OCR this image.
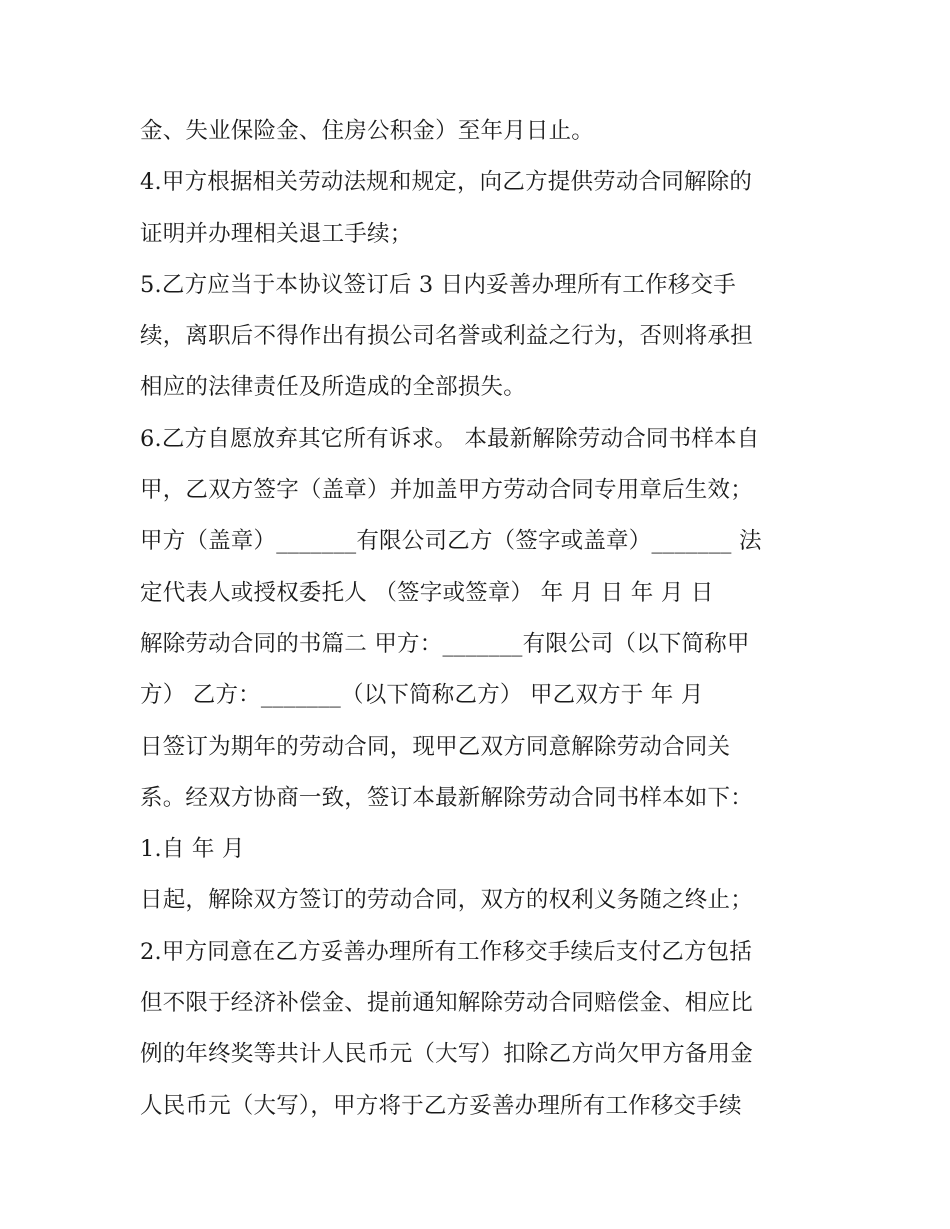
金、失业保险金、住房公积金）至年月日止。
4.甲方根据相关劳动法规和规定，向乙方提供劳动合同解除的
证明并办理相关退工手续；
5.乙方应当于本协议签订后 3 日内妥善办理所有工作移交手
续，离职后不得作出有损公司名誉或利益之行为，否则将承担
相应的法律责任及所造成的全部损失。
6.乙方自愿放弃其它所有诉求。 本最新解除劳动合同书样本自
甲，乙双方签字（盖章）并加盖甲方劳动合同专用章后生效；
甲方（盖章）_______有限公司乙方（签字或盖章）_______ 法
定代表人或授权委托人 （签字或签章） 年 月 日 年 月 日
解除劳动合同的书篇二 甲方：_______有限公司（以下简称甲
方） 乙方：_______（以下简称乙方） 甲乙双方于 年 月
日签订为期年的劳动合同，现甲乙双方同意解除劳动合同关
系。经双方协商一致，签订本最新解除劳动合同书样本如下：
1.自 年 月
日起，解除双方签订的劳动合同，双方的权利义务随之终止；
2.甲方同意在乙方妥善办理所有工作移交手续后支付乙方包括
但不限于经济补偿金、提前通知解除劳动合同赔偿金、相应比
例的年终奖等共计人民币元（大写）扣除乙方尚欠甲方备用金
人民币元（大写），甲方将于乙方妥善办理所有工作移交手续
